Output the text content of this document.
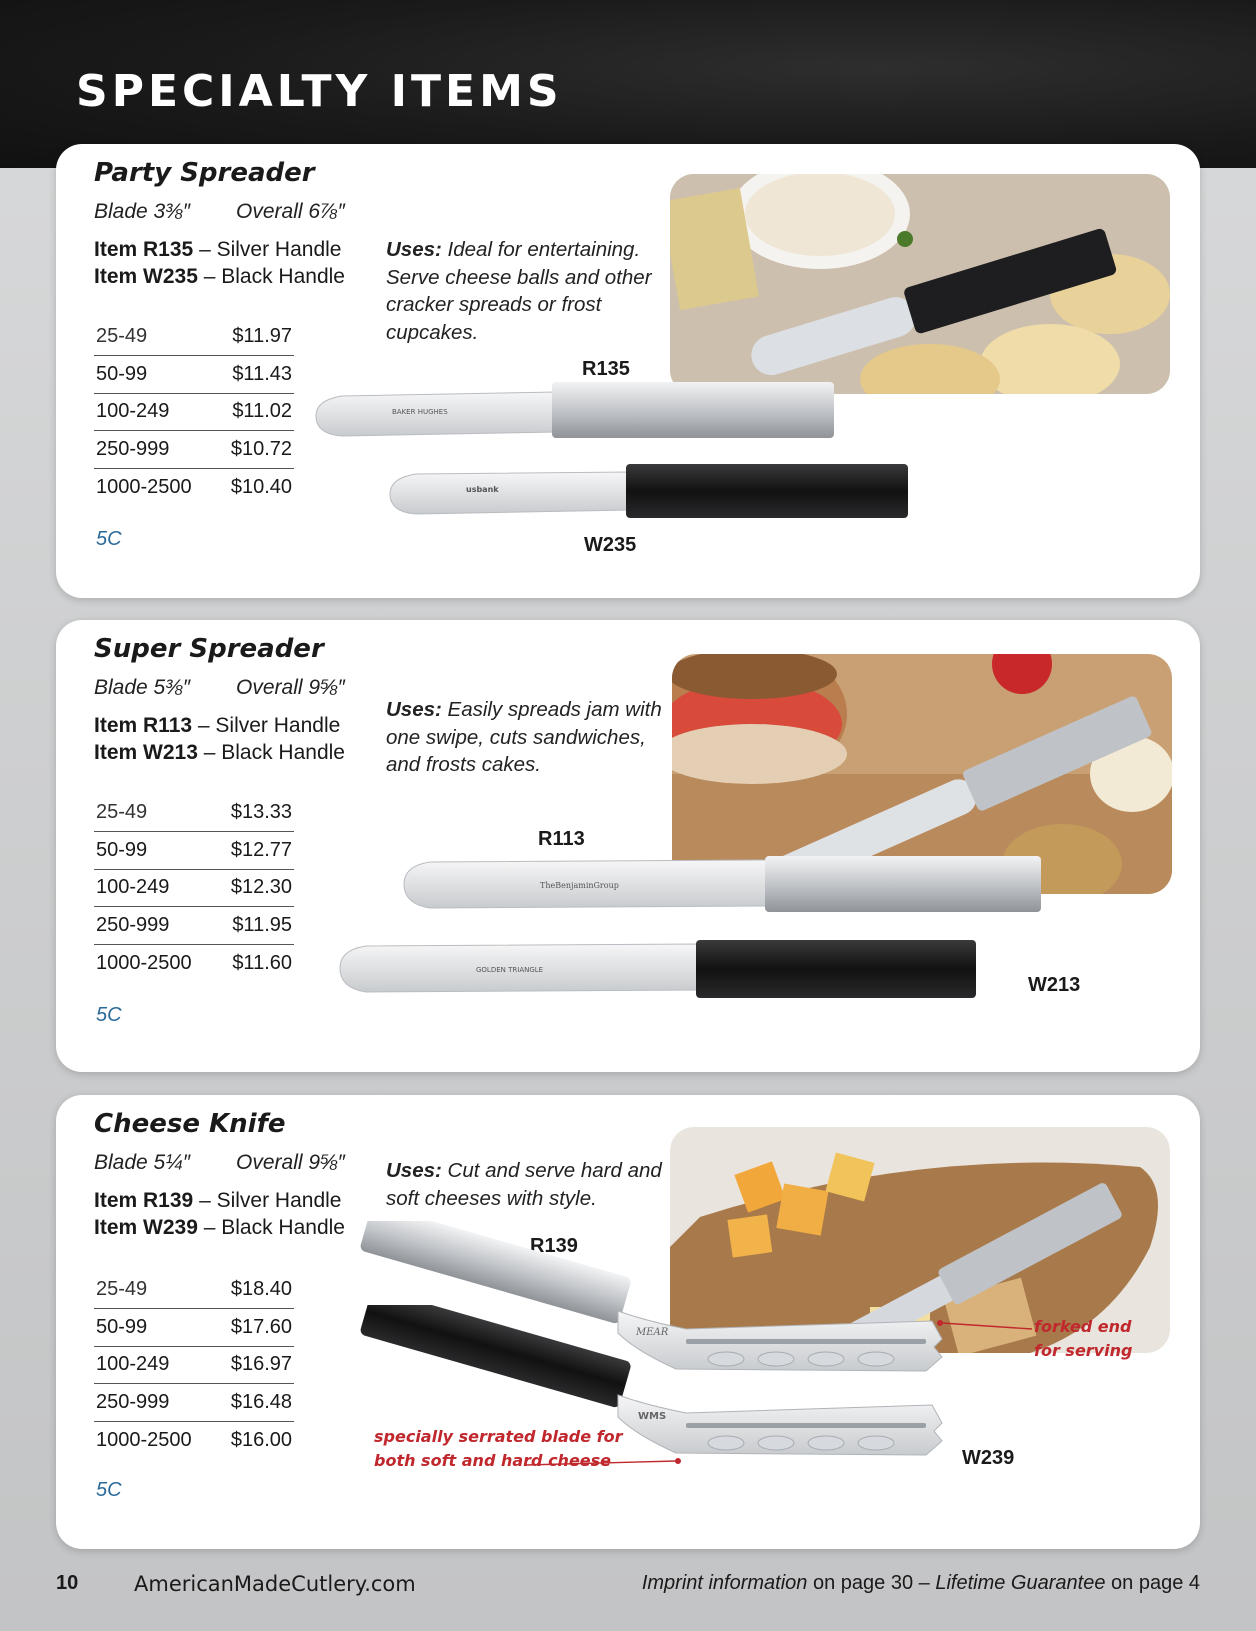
SPECIALTY ITEMS
Party Spreader
Blade 3⅜″ Overall 6⅞″
Item R135 – Silver Handle
Item W235 – Black Handle
25-49	$11.97
50-99	$11.43
100-249	$11.02
250-999	$10.72
1000-2500	$10.40
5C
Uses: Ideal for entertaining.
Serve cheese balls and other
cracker spreads or frost
cupcakes.
R135
BAKER HUGHES
usbank
W235
Super Spreader
Blade 5⅜″ Overall 9⅝″
Item R113 – Silver Handle
Item W213 – Black Handle
25-49	$13.33
50-99	$12.77
100-249	$12.30
250-999	$11.95
1000-2500	$11.60
5C
Uses: Easily spreads jam with
one swipe, cuts sandwiches,
and frosts cakes.
R113
TheBenjaminGroup
GOLDEN TRIANGLE
W213
Cheese Knife
Blade 5¼″ Overall 9⅝″
Item R139 – Silver Handle
Item W239 – Black Handle
25-49	$18.40
50-99	$17.60
100-249	$16.97
250-999	$16.48
1000-2500	$16.00
5C
Uses: Cut and serve hard and
soft cheeses with style.
R139
MEAR
WMS
forked end
for serving
specially serrated blade for
both soft and hard cheese	W239
10	AmericanMadeCutlery.com	Imprint information on page 30 – Lifetime Guarantee on page 4
